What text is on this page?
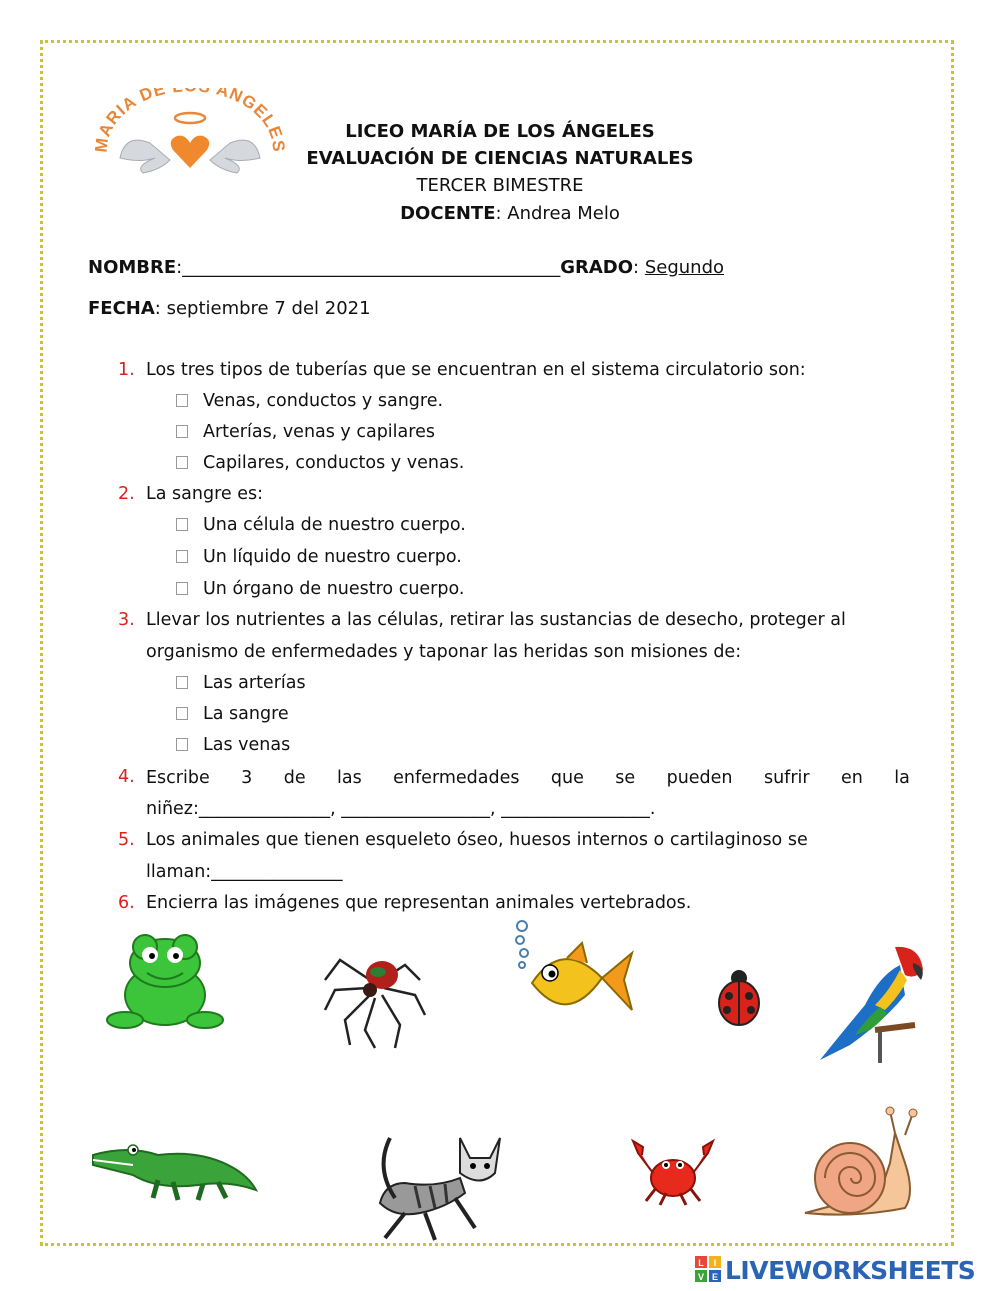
ARIA DE ANGELE	LICEO MARÍA DE LOS ÁNGELES
EVALUACIÓN DE CIENCIAS NATURALES
TERCER BIMESTRE
DOCENTE: Andrea Melo
NOMBRE:__________________________________________GRADO: Segundo
FECHA: septiembre 7 del 2021
1. Los tres tipos de tuberías que se encuentran en el sistema circulatorio son:
Venas, conductos y sangre.
Arterías, venas y capilares
Capilares, conductos y venas.
2. La sangre es:
Una célula de nuestro cuerpo.
Un líquido de nuestro cuerpo.
Un órgano de nuestro cuerpo.
3. Llevar los nutrientes a las células, retirar las sustancias de desecho, proteger al
organismo de enfermedades y taponar las heridas son misiones de:
Las arterías
La sangre
Las venas
4. Escribe 3 de las enfermedades que se pueden sufrir en la
niñez:_______________, _________________, _________________.
5. Los animales que tienen esqueleto óseo, huesos internos o cartilaginoso se
llaman:_______________
6. Encierra las imágenes que representan animales vertebrados.
L I
V E LIVEWORKSHEETS
